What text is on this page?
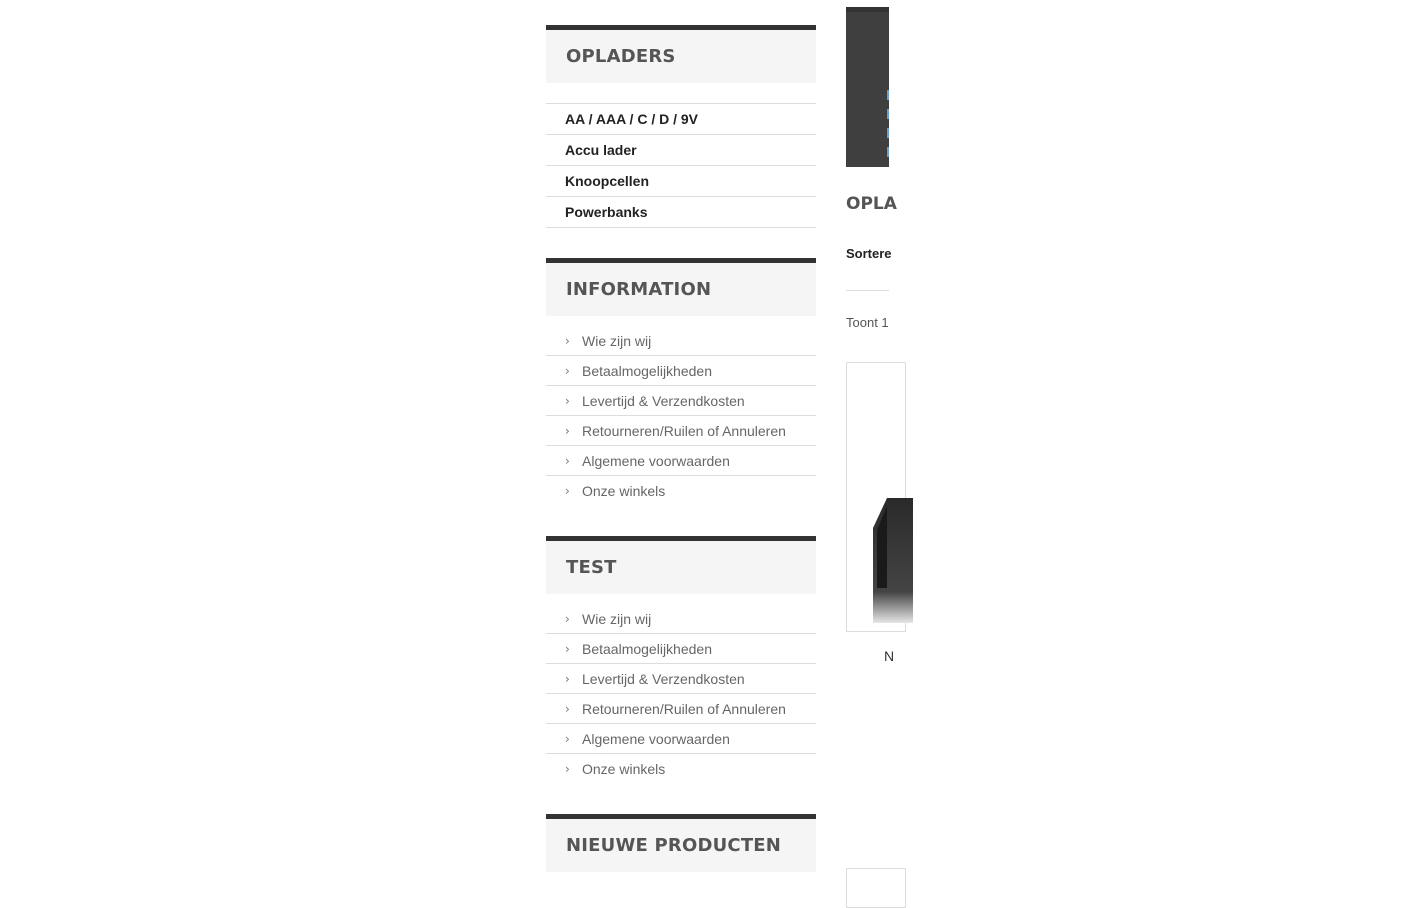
OPLADERS
AA / AAA / C / D / 9V
Accu lader
Knoopcellen
Powerbanks
INFORMATION
› Wie zijn wij
› Betaalmogelijkheden
› Levertijd & Verzendkosten
› Retourneren/Ruilen of Annuleren
› Algemene voorwaarden
› Onze winkels
TEST
› Wie zijn wij
› Betaalmogelijkheden
› Levertijd & Verzendkosten
› Retourneren/Ruilen of Annuleren
› Algemene voorwaarden
› Onze winkels
NIEUWE PRODUCTEN
OPLA
Sortere
Toont 1
N
